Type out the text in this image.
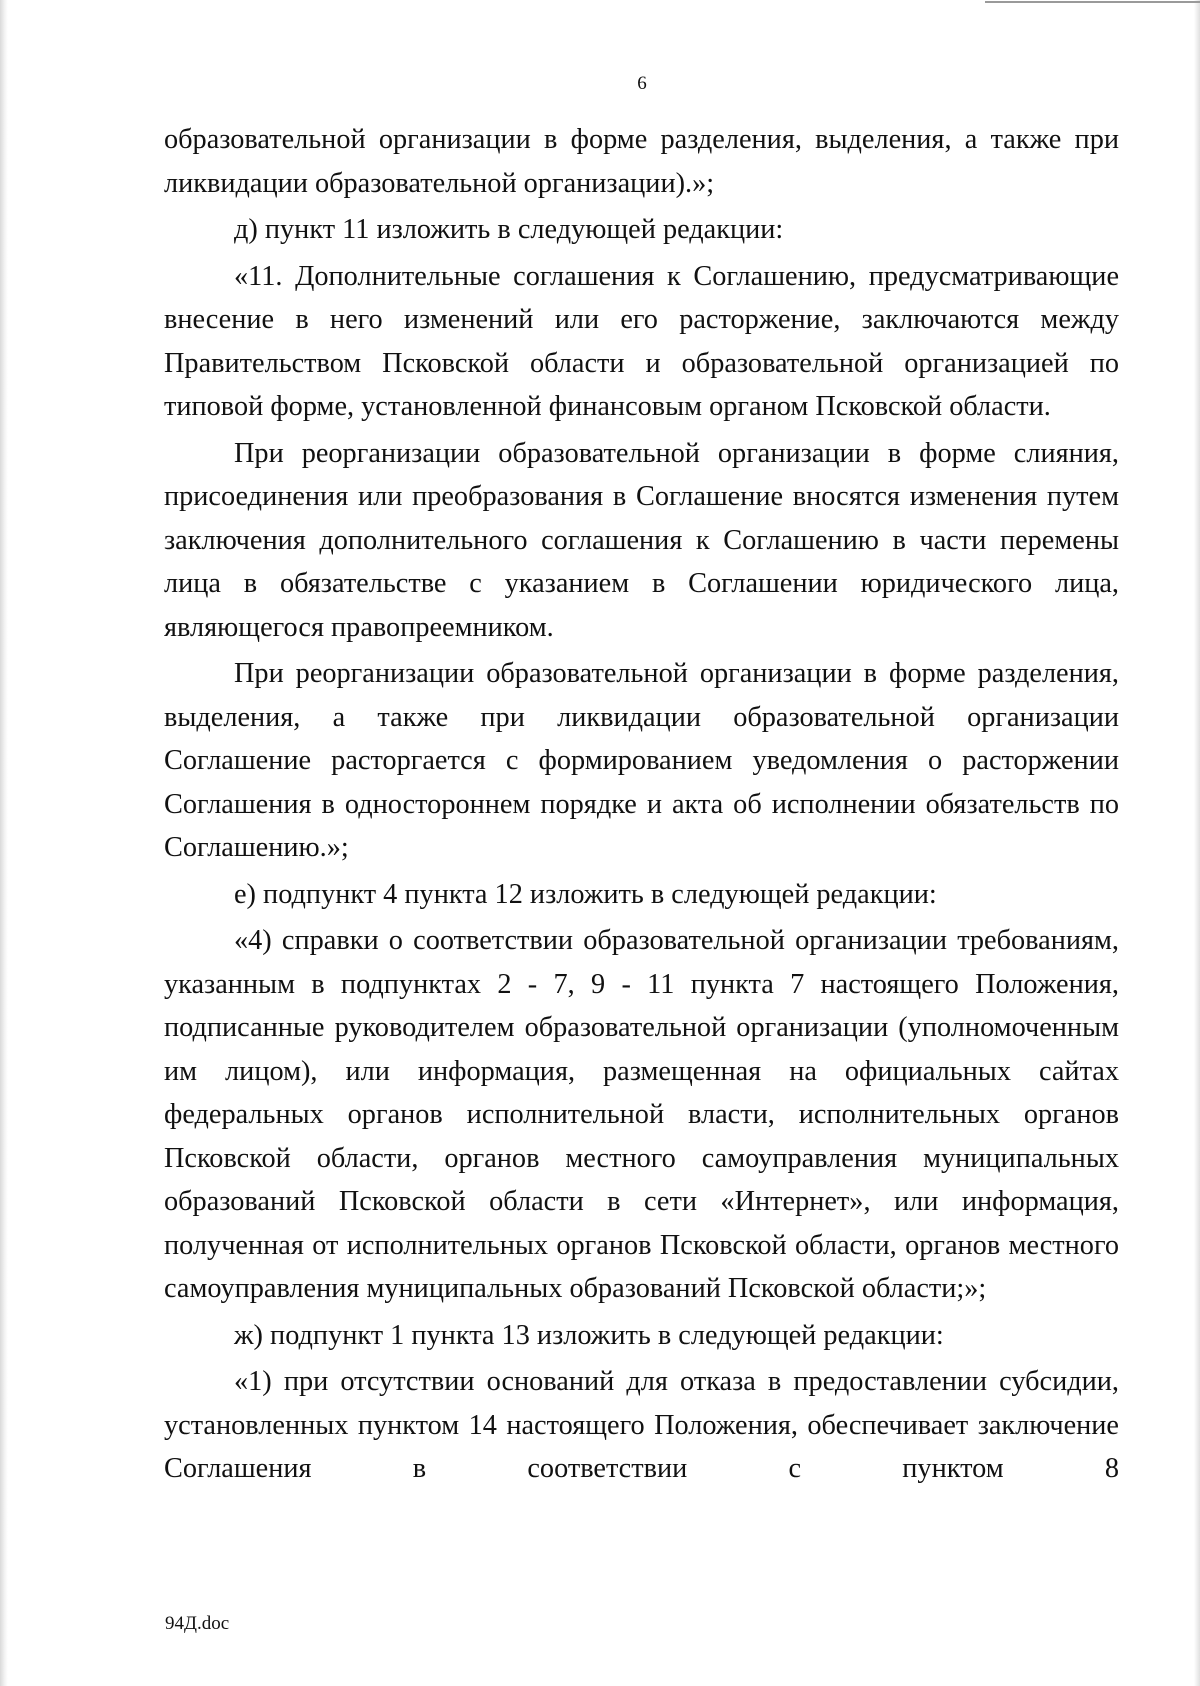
6

образовательной организации в форме разделения, выделения, а также при ликвидации образовательной организации).»;

д) пункт 11 изложить в следующей редакции:

«11. Дополнительные соглашения к Соглашению, предусматривающие внесение в него изменений или его расторжение, заключаются между Правительством Псковской области и образовательной организацией по типовой форме, установленной финансовым органом Псковской области.

При реорганизации образовательной организации в форме слияния, присоединения или преобразования в Соглашение вносятся изменения путем заключения дополнительного соглашения к Соглашению в части перемены лица в обязательстве с указанием в Соглашении юридического лица, являющегося правопреемником.

При реорганизации образовательной организации в форме разделения, выделения, а также при ликвидации образовательной организации Соглашение расторгается с формированием уведомления о расторжении Соглашения в одностороннем порядке и акта об исполнении обязательств по Соглашению.»;

е) подпункт 4 пункта 12 изложить в следующей редакции:

«4) справки о соответствии образовательной организации требованиям, указанным в подпунктах 2 - 7, 9 - 11 пункта 7 настоящего Положения, подписанные руководителем образовательной организации (уполномоченным им лицом), или информация, размещенная на официальных сайтах федеральных органов исполнительной власти, исполнительных органов Псковской области, органов местного самоуправления муниципальных образований Псковской области в сети «Интернет», или информация, полученная от исполнительных органов Псковской области, органов местного самоуправления муниципальных образований Псковской области;»;

ж) подпункт 1 пункта 13 изложить в следующей редакции:

«1) при отсутствии оснований для отказа в предоставлении субсидии, установленных пунктом 14 настоящего Положения, обеспечивает заключение Соглашения в соответствии с пунктом 8

94Д.doc
